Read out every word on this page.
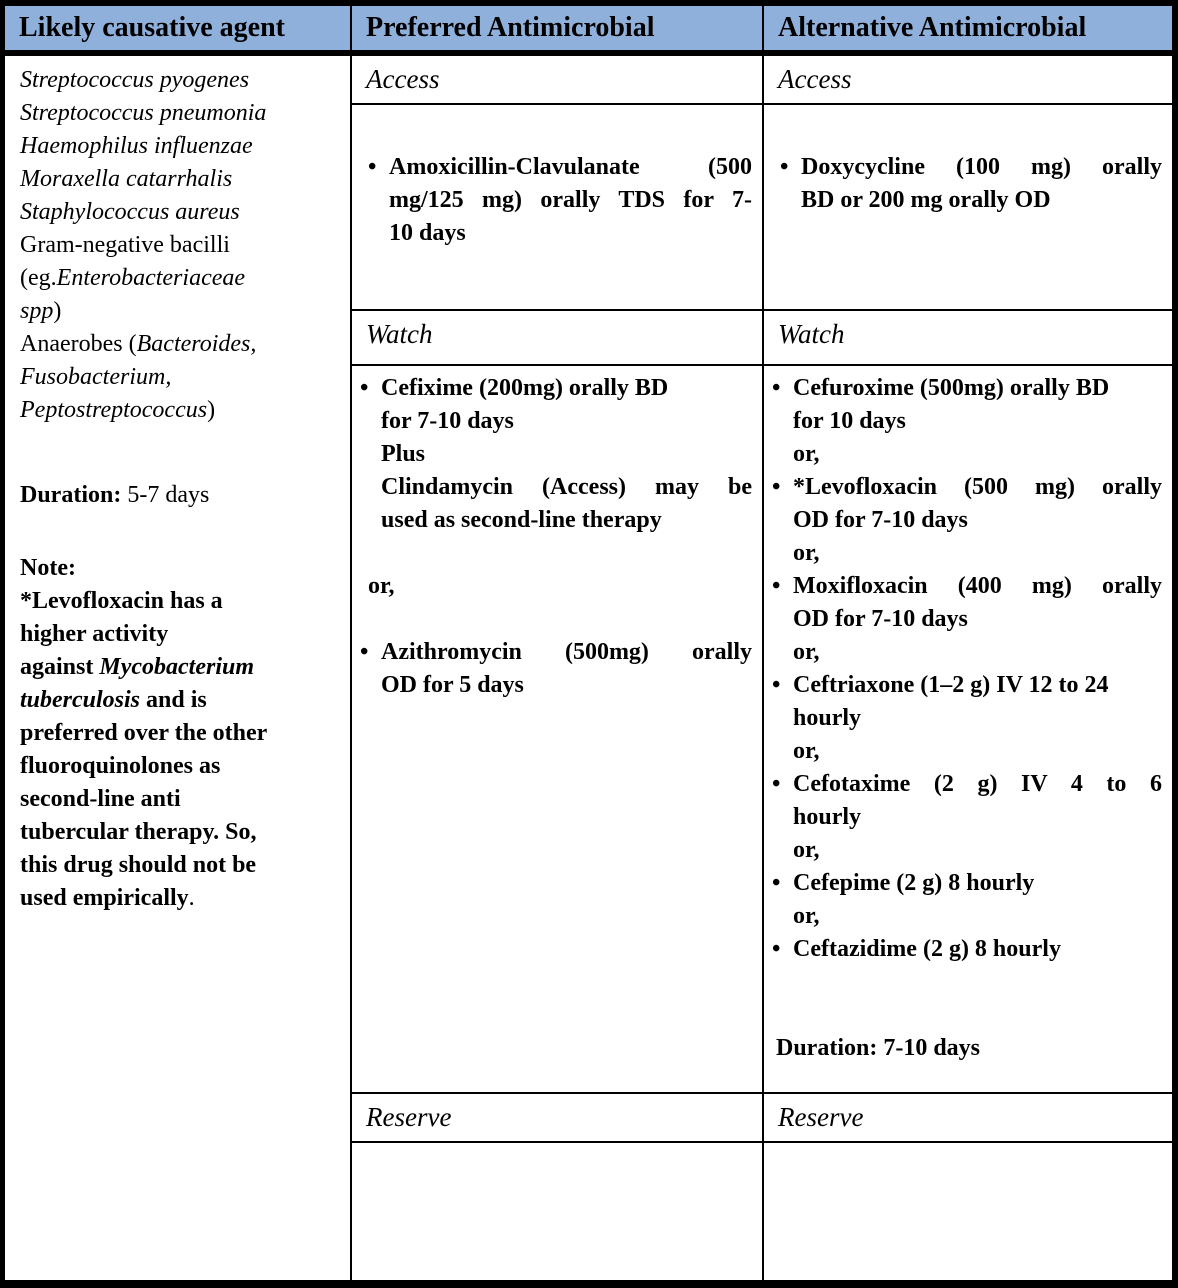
Likely causative agent	Preferred Antimicrobial	Alternative Antimicrobial
Streptococcus pyogenes
Streptococcus pneumonia
Haemophilus influenzae
Moraxella catarrhalis
Staphylococcus aureus
Gram-negative bacilli
(eg.Enterobacteriaceae
spp)
Anaerobes (Bacteroides,
Fusobacterium,
Peptostreptococcus)
Duration: 5-7 days
Note:
*Levofloxacin has a
higher activity
against Mycobacterium
tuberculosis and is
preferred over the other
fluoroquinolones as
second-line anti
tubercular therapy. So,
this drug should not be
used empirically.
Access
• Amoxicillin-Clavulanate (500
mg/125 mg) orally TDS for 7-
10 days
Watch
• Cefixime (200mg) orally BD
for 7-10 days
Plus
Clindamycin (Access) may be
used as second-line therapy
or,
• Azithromycin (500mg) orally
OD for 5 days
Reserve
Access
• Doxycycline (100 mg) orally
BD or 200 mg orally OD
Watch
• Cefuroxime (500mg) orally BD
for 10 days
or,
• *Levofloxacin (500 mg) orally
OD for 7-10 days
or,
• Moxifloxacin (400 mg) orally
OD for 7-10 days
or,
• Ceftriaxone (1–2 g) IV 12 to 24
hourly
or,
• Cefotaxime (2 g) IV 4 to 6
hourly
or,
• Cefepime (2 g) 8 hourly
or,
• Ceftazidime (2 g) 8 hourly
Duration: 7-10 days
Reserve
